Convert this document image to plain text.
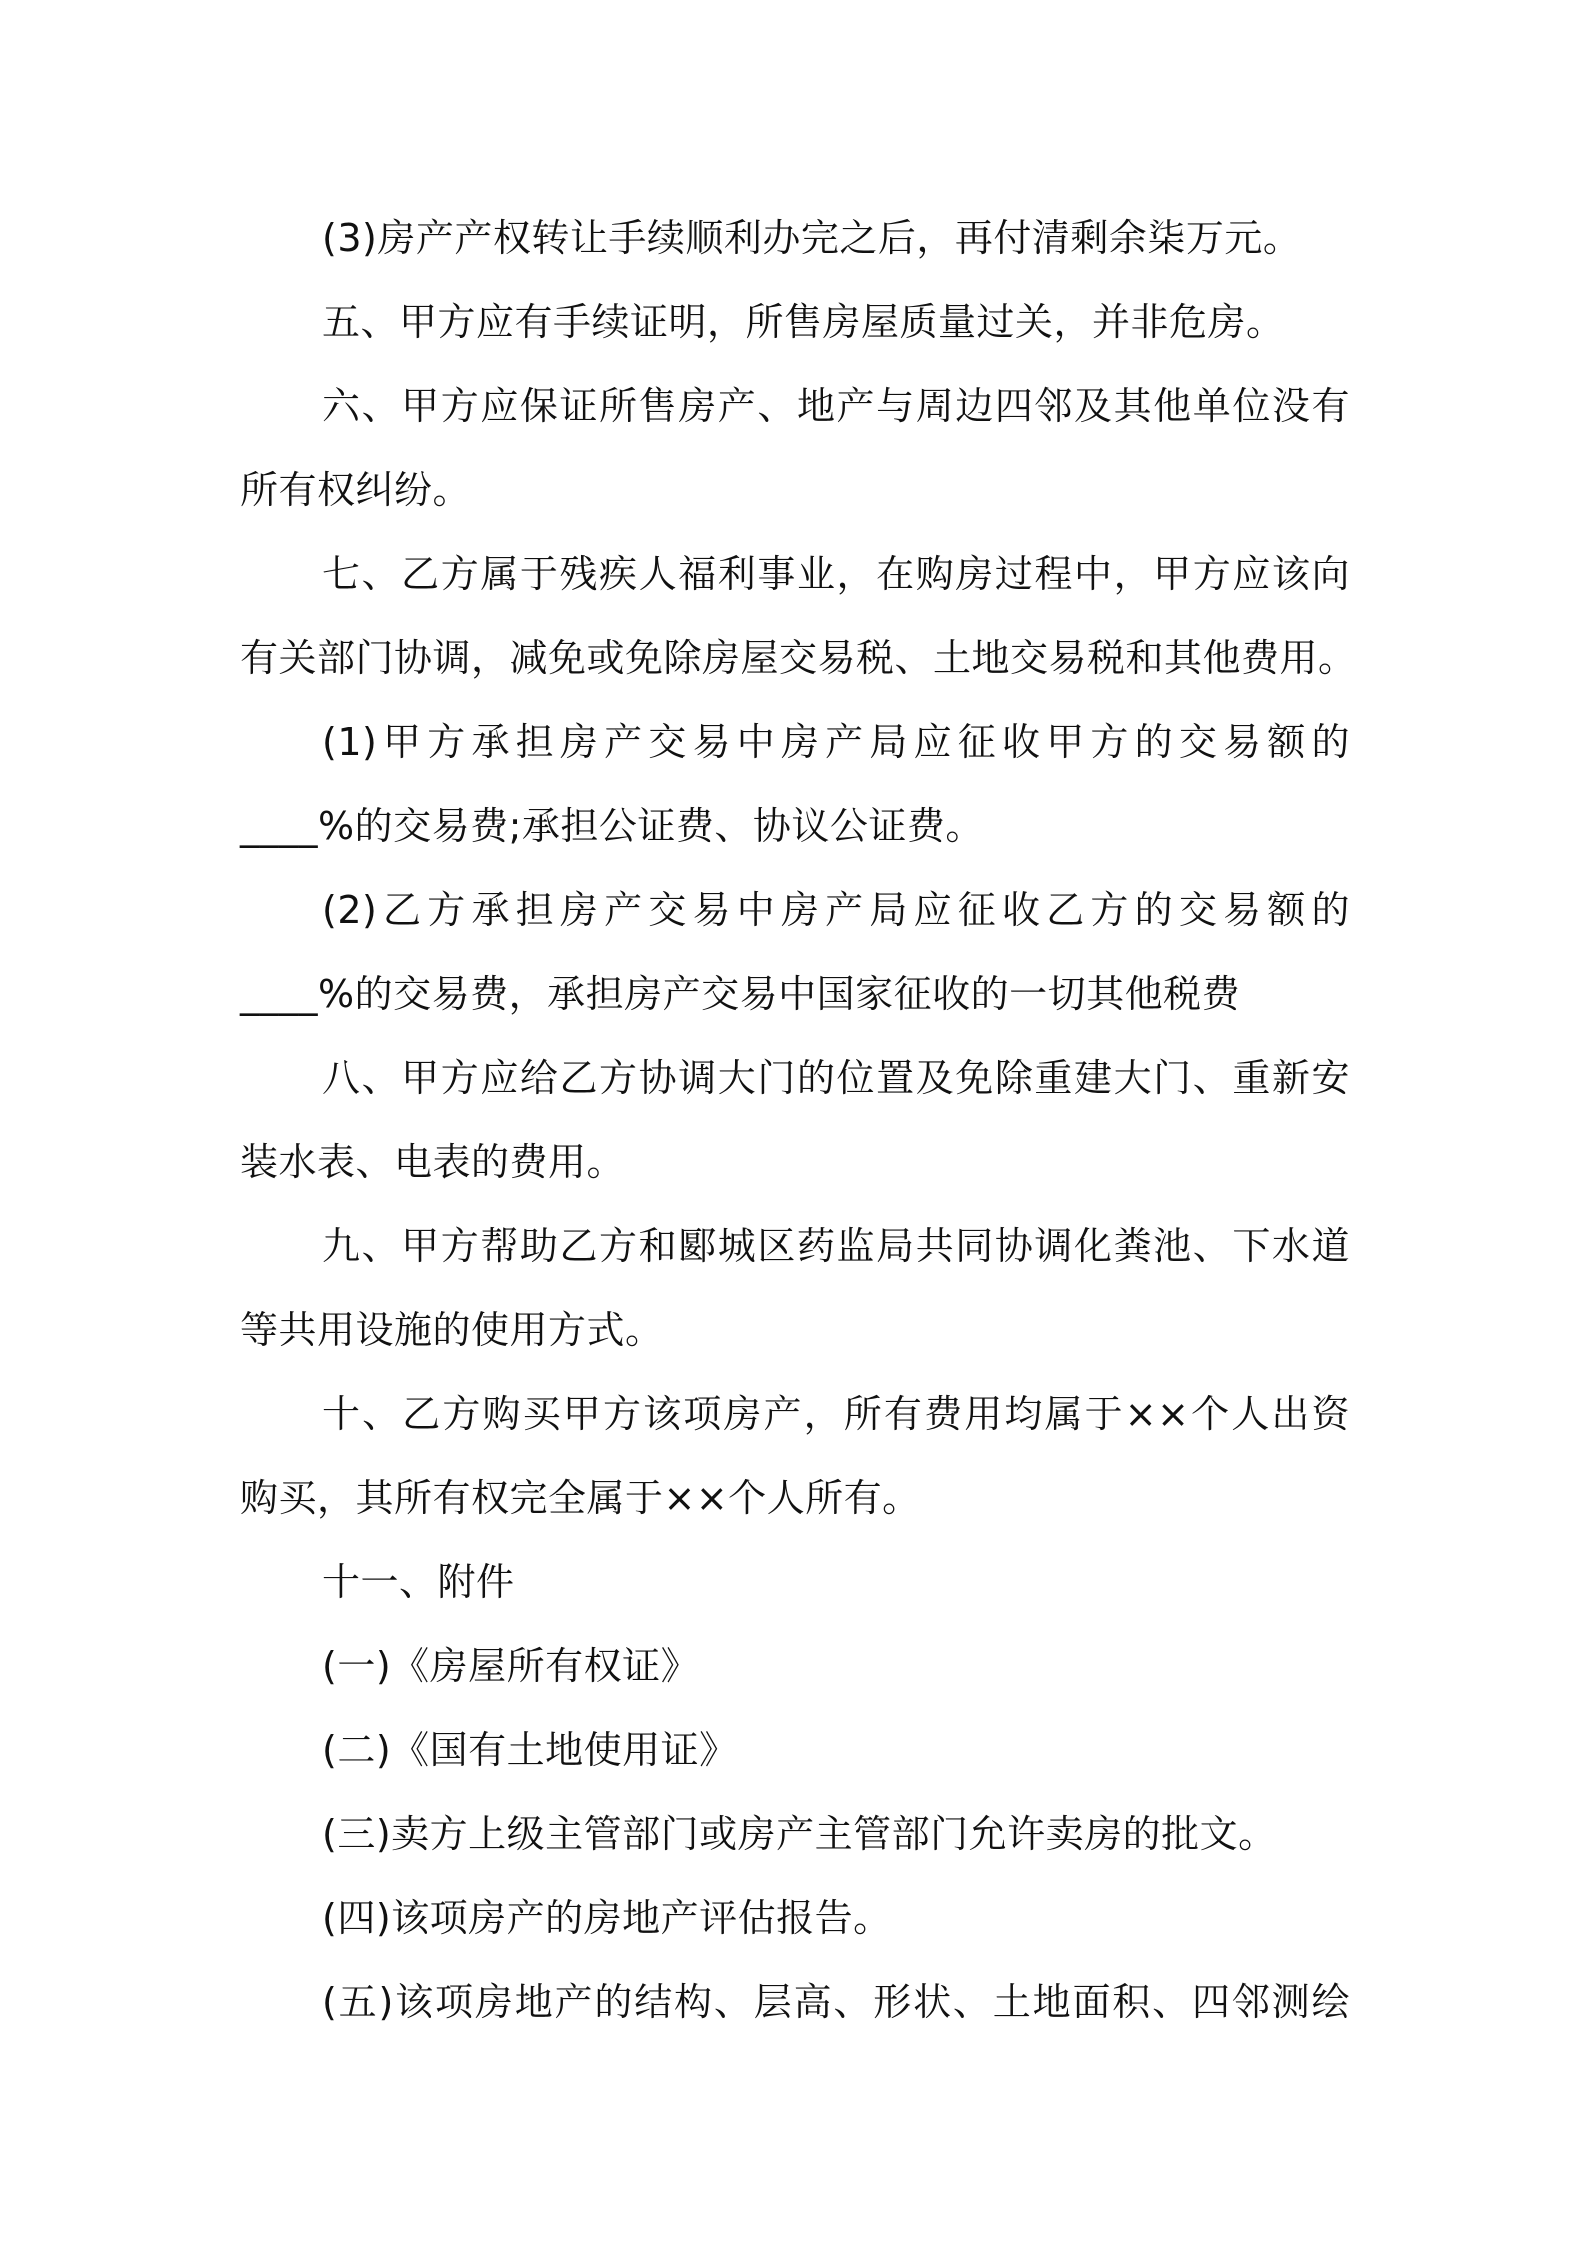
(3)房产产权转让手续顺利办完之后，再付清剩余柒万元。
五、甲方应有手续证明，所售房屋质量过关，并非危房。
六、甲方应保证所售房产、地产与周边四邻及其他单位没有
所有权纠纷。
七、乙方属于残疾人福利事业，在购房过程中，甲方应该向
有关部门协调，减免或免除房屋交易税、土地交易税和其他费用。
(1)甲方承担房产交易中房产局应征收甲方的交易额的
____%的交易费;承担公证费、协议公证费。
(2)乙方承担房产交易中房产局应征收乙方的交易额的
____%的交易费，承担房产交易中国家征收的一切其他税费
八、甲方应给乙方协调大门的位置及免除重建大门、重新安
装水表、电表的费用。
九、甲方帮助乙方和郾城区药监局共同协调化粪池、下水道
等共用设施的使用方式。
十、乙方购买甲方该项房产，所有费用均属于××个人出资
购买，其所有权完全属于××个人所有。
十一、附件
(一)《房屋所有权证》
(二)《国有土地使用证》
(三)卖方上级主管部门或房产主管部门允许卖房的批文。
(四)该项房产的房地产评估报告。
(五)该项房地产的结构、层高、形状、土地面积、四邻测绘
